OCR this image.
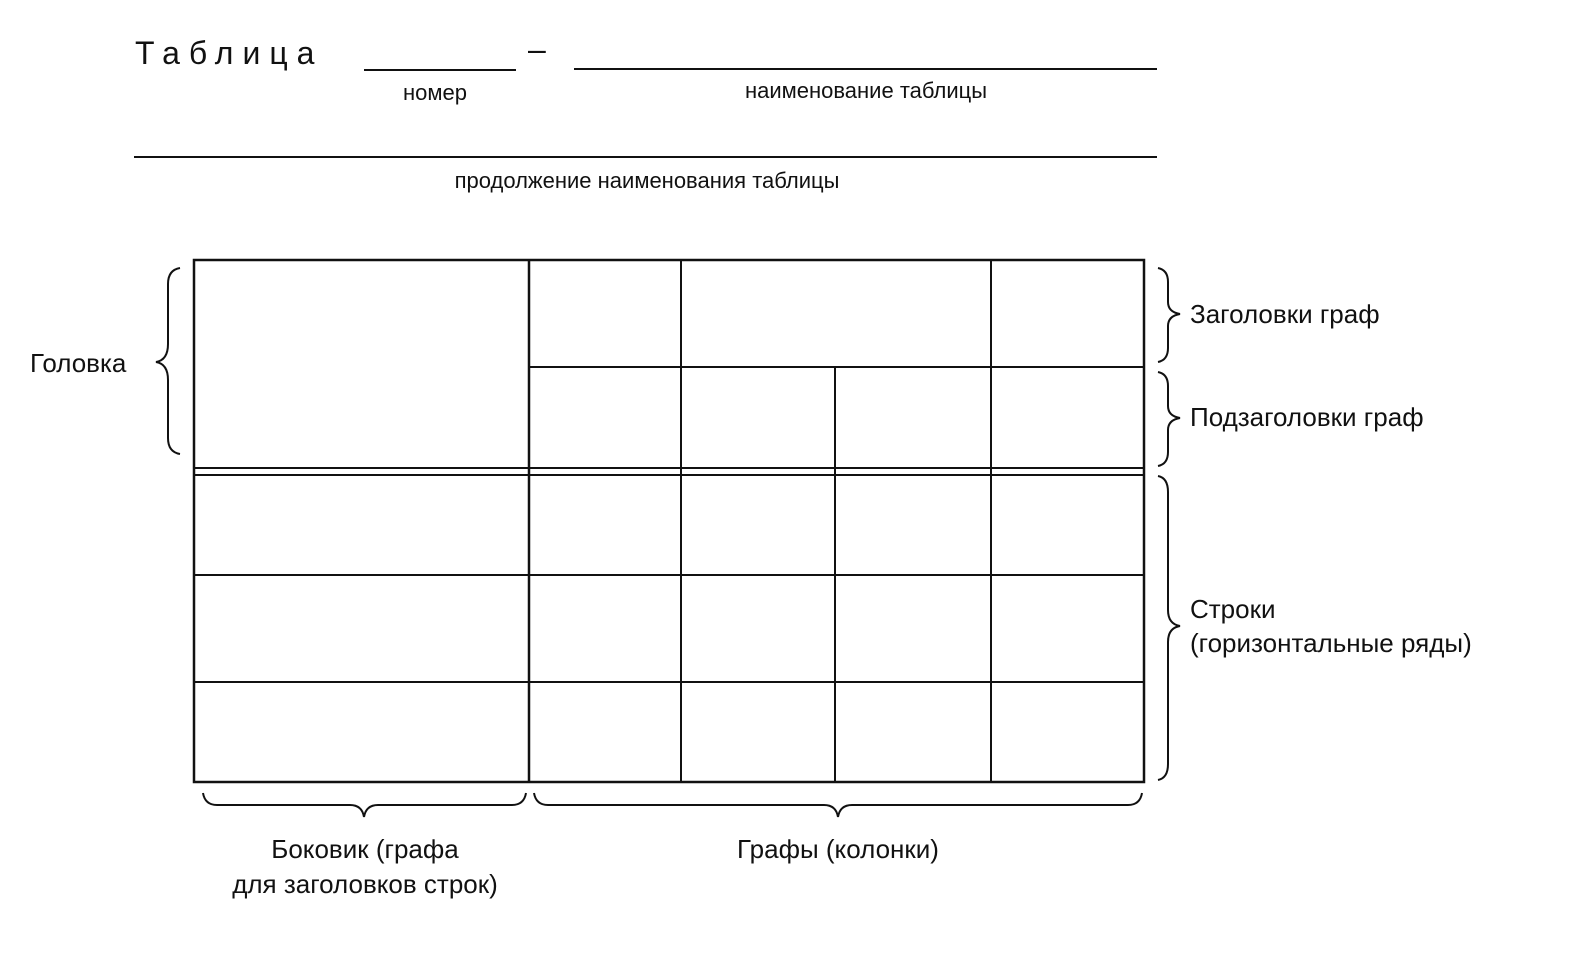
Таблица	–
номер	наименование таблицы
продолжение наименования таблицы
Головка
Заголовки граф
Подзаголовки граф
Строки
(горизонтальные ряды)
Боковик (графа
для заголовков строк)
Графы (колонки)
